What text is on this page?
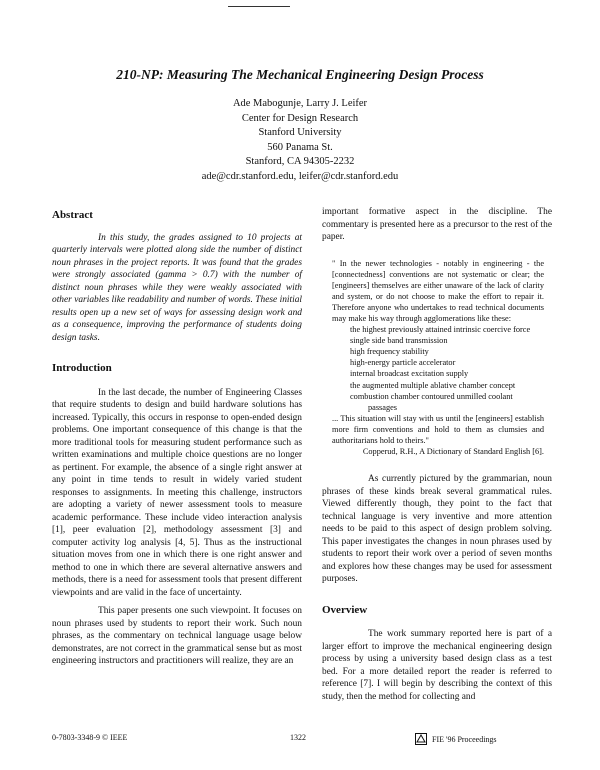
210-NP: Measuring The Mechanical Engineering Design Process
Ade Mabogunje, Larry J. Leifer
Center for Design Research
Stanford University
560 Panama St.
Stanford, CA 94305-2232
ade@cdr.stanford.edu, leifer@cdr.stanford.edu
Abstract

In this study, the grades assigned to 10 projects at quarterly intervals were plotted along side the number of distinct noun phrases in the project reports. It was found that the grades were strongly associated (gamma > 0.7) with the number of distinct noun phrases while they were weakly associated with other variables like readability and number of words. These initial results open up a new set of ways for assessing design work and as a consequence, improving the performance of students doing design tasks.

Introduction

In the last decade, the number of Engineering Classes that require students to design and build hardware solutions has increased. Typically, this occurs in response to open-ended design problems. One important consequence of this change is that the more traditional tools for measuring student performance such as written examinations and multiple choice questions are no longer as pertinent. For example, the absence of a single right answer at any point in time tends to result in widely varied student responses to assignments. In meeting this challenge, instructors are adopting a variety of newer assessment tools to measure academic performance. These include video interaction analysis [1], peer evaluation [2], methodology assessment [3] and computer activity log analysis [4, 5]. Thus as the instructional situation moves from one in which there is one right answer and method to one in which there are several alternative answers and methods, there is a need for assessment tools that present different viewpoints and are valid in the face of uncertainty.

This paper presents one such viewpoint. It focuses on noun phrases used by students to report their work. Such noun phrases, as the commentary on technical language usage below demonstrates, are not correct in the grammatical sense but as most engineering instructors and practitioners will realize, they are an

important formative aspect in the discipline. The commentary is presented here as a precursor to the rest of the paper.

" In the newer technologies - notably in engineering - the [connectedness] conventions are not systematic or clear; the [engineers] themselves are either unaware of the lack of clarity and system, or do not choose to make the effort to repair it. Therefore anyone who undertakes to read technical documents may make his way through agglomerations like these:

the highest previously attained intrinsic coercive force
single side band transmission
high frequency stability
high-energy particle accelerator
internal broadcast excitation supply
the augmented multiple ablative chamber concept
combustion chamber contoured unmilled coolant
passages

... This situation will stay with us until the [engineers] establish more firm conventions and hold to them as clumsies and authoritarians hold to theirs."

Copperud, R.H., A Dictionary of Standard English [6].

As currently pictured by the grammarian, noun phrases of these kinds break several grammatical rules. Viewed differently though, they point to the fact that technical language is very inventive and more attention needs to be paid to this aspect of design problem solving. This paper investigates the changes in noun phrases used by students to report their work over a period of seven months and explores how these changes may be used for assessment purposes.

Overview

The work summary reported here is part of a larger effort to improve the mechanical engineering design process by using a university based design class as a test bed. For a more detailed report the reader is referred to reference [7]. I will begin by describing the context of this study, then the method for collecting and

0-7803-3348-9 © IEEE	1322	FIE '96 Proceedings
